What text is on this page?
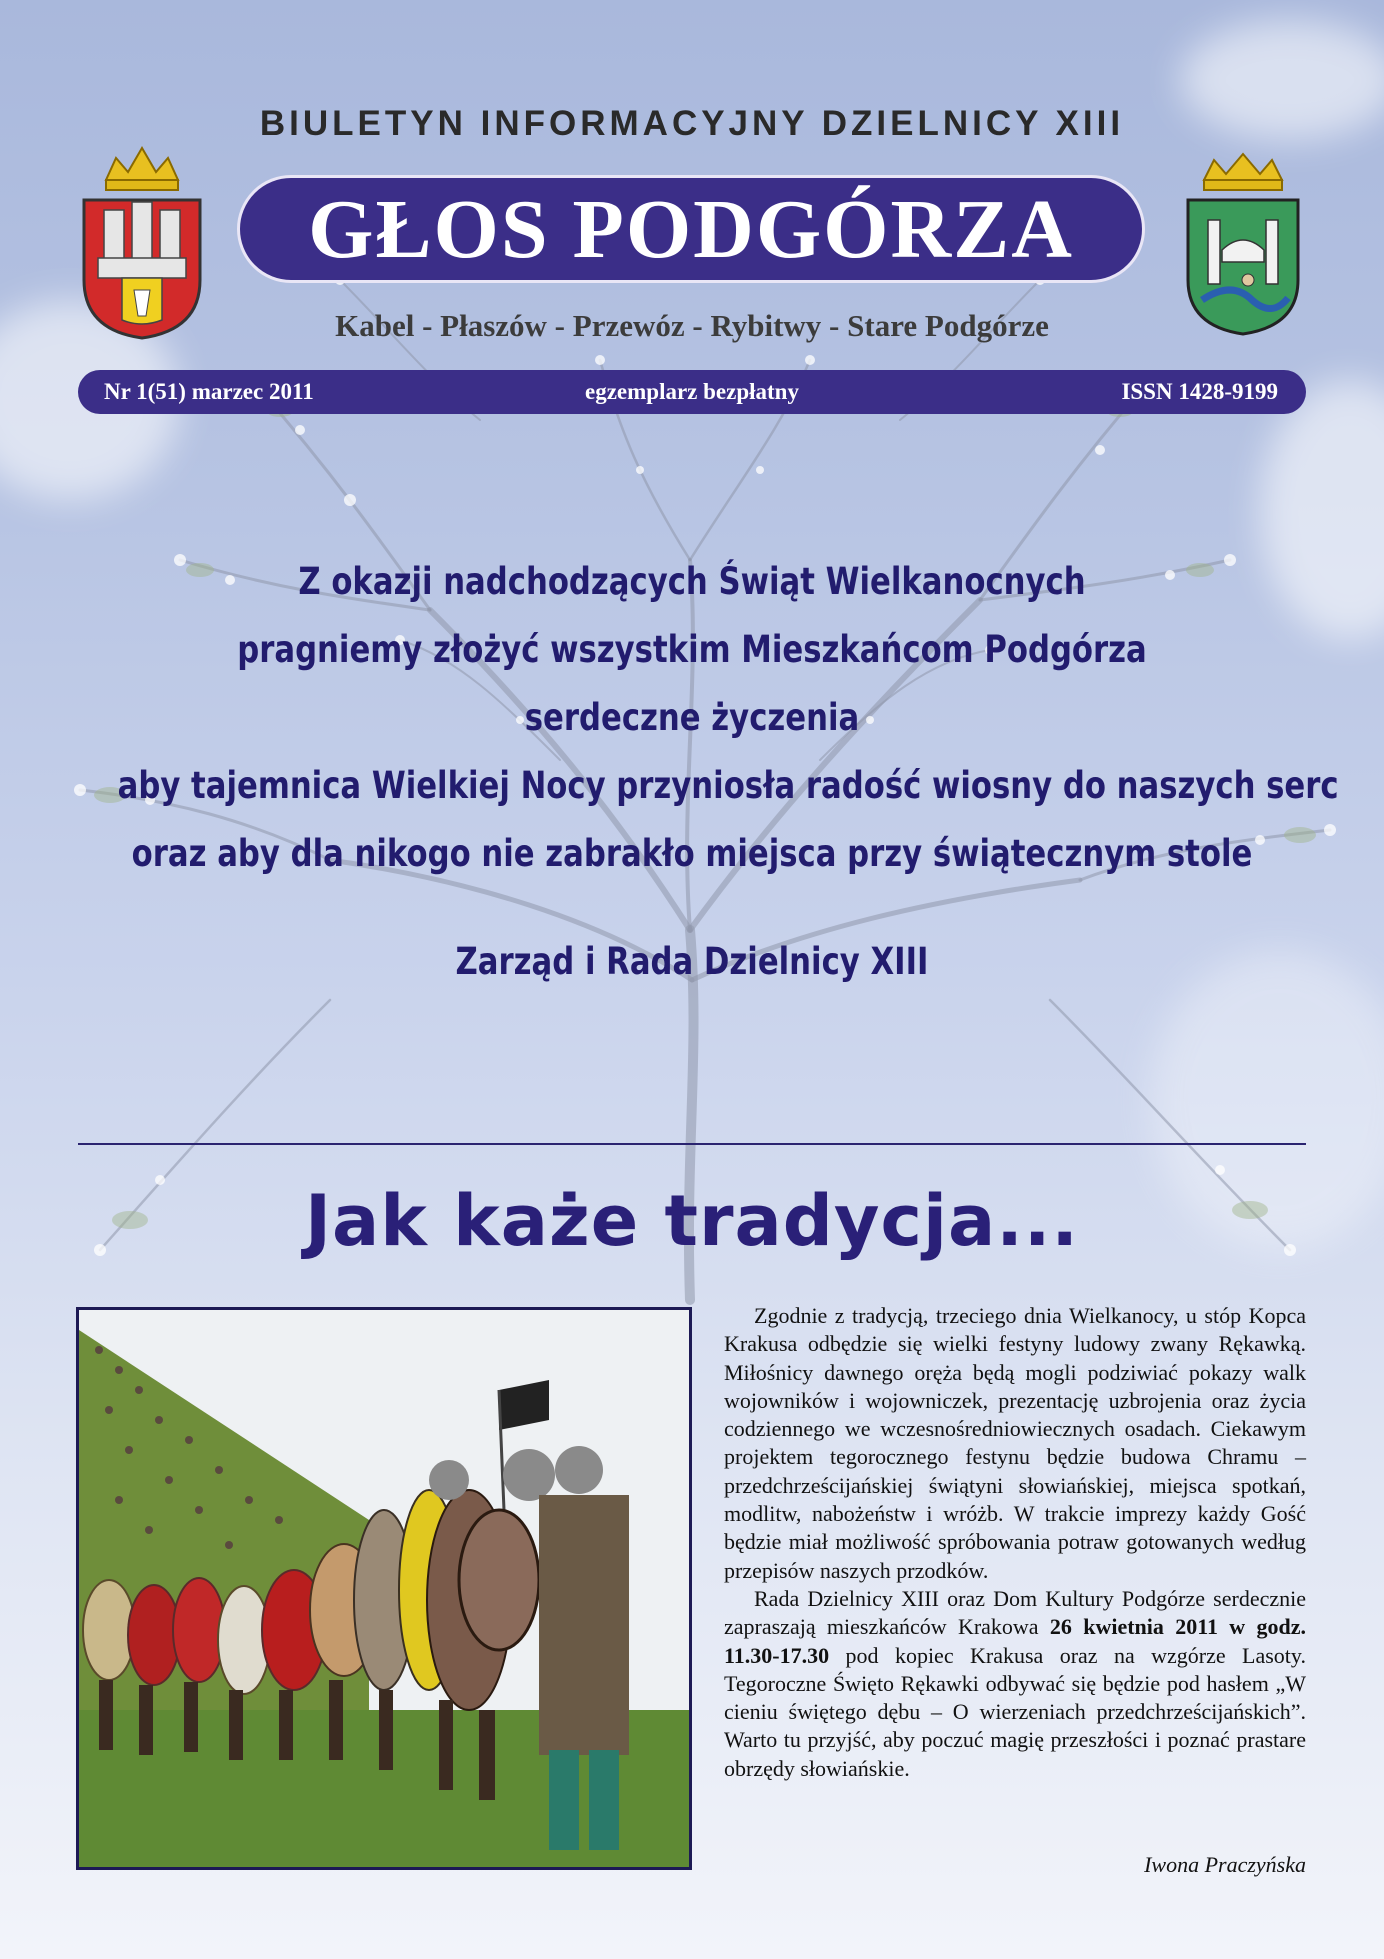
BIULETYN INFORMACYJNY DZIELNICY XIII
GŁOS PODGÓRZA
Kabel - Płaszów - Przewóz - Rybitwy - Stare Podgórze
egzemplarz bezpłatny
Nr 1(51) marzec 2011	ISSN 1428-9199
Z okazji nadchodzących Świąt Wielkanocnych
pragniemy złożyć wszystkim Mieszkańcom Podgórza
serdeczne życzenia
aby tajemnica Wielkiej Nocy przyniosła radość wiosny do naszych serc
oraz aby dla nikogo nie zabrakło miejsca przy świątecznym stole
Zarząd i Rada Dzielnicy XIII
Jak każe tradycja...

Zgodnie z tradycją, trzeciego dnia Wielkanocy, u stóp Kopca Krakusa odbędzie się wielki festyny ludowy zwany Rękawką. Miłośnicy dawnego oręża będą mogli podziwiać pokazy walk wojowników i wojowniczek, prezentację uzbrojenia oraz życia codziennego we wczesnośredniowiecznych osadach. Ciekawym projektem tegorocznego festynu będzie budowa Chramu – przedchrześcijańskiej świątyni słowiańskiej, miejsca spotkań, modlitw, nabożeństw i wróżb. W trakcie imprezy każdy Gość będzie miał możliwość spróbowania potraw gotowanych według przepisów naszych przodków.

Rada Dzielnicy XIII oraz Dom Kultury Podgórze serdecznie zapraszają mieszkańców Krakowa 26 kwietnia 2011 w godz. 11.30-17.30 pod kopiec Krakusa oraz na wzgórze Lasoty. Tegoroczne Święto Rękawki odbywać się będzie pod hasłem „W cieniu świętego dębu – O wierzeniach przedchrześcijańskich”. Warto tu przyjść, aby poczuć magię przeszłości i poznać prastare obrzędy słowiańskie.

Iwona Praczyńska
